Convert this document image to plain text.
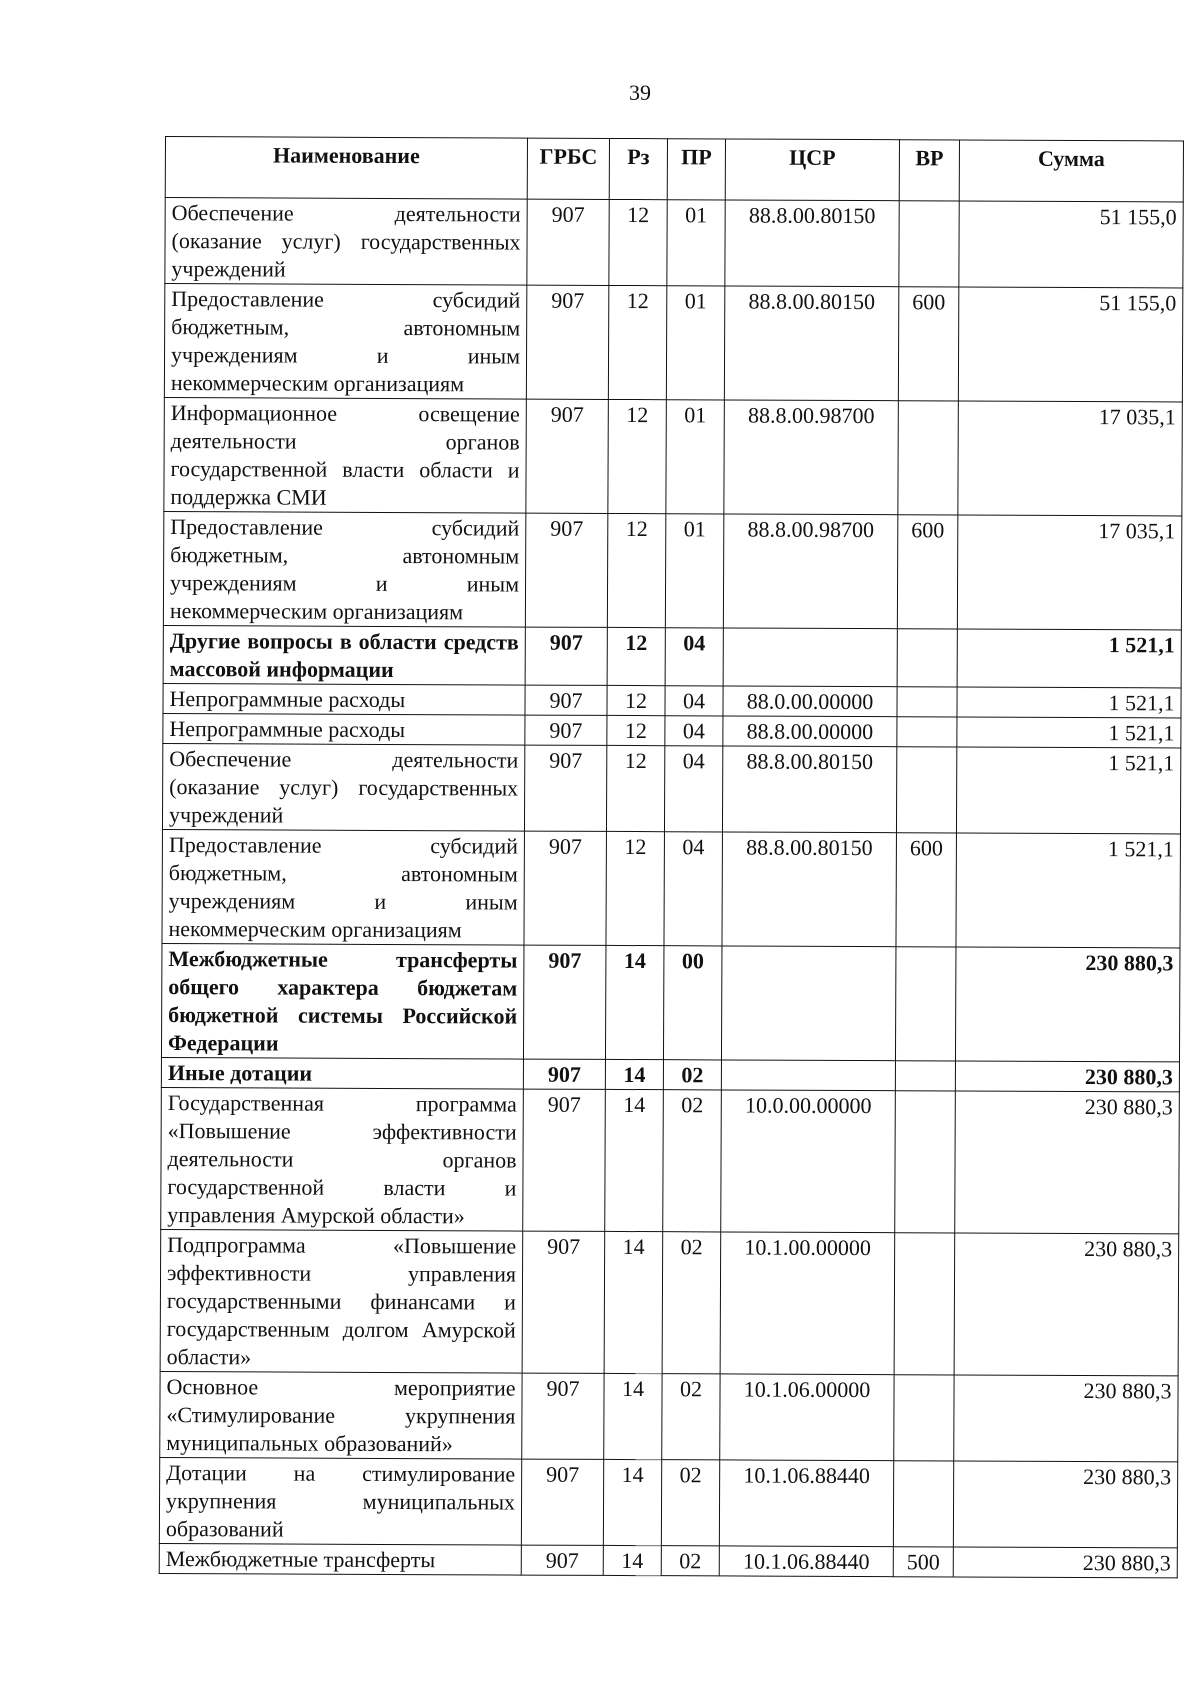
39
Наименование	ГРБС	Рз	ПР	ЦСР	ВР	Сумма
Обеспечение деятельности (оказание услуг) государственных учреждений	907	12	01	88.8.00.80150		51 155,0
Предоставление субсидий бюджетным, автономным учреждениям и иным некоммерческим организациям	907	12	01	88.8.00.80150	600	51 155,0
Информационное освещение деятельности органов государственной власти области и поддержка СМИ	907	12	01	88.8.00.98700		17 035,1
Предоставление субсидий бюджетным, автономным учреждениям и иным некоммерческим организациям	907	12	01	88.8.00.98700	600	17 035,1
Другие вопросы в области средств массовой информации	907	12	04			1 521,1
Непрограммные расходы	907	12	04	88.0.00.00000		1 521,1
Непрограммные расходы	907	12	04	88.8.00.00000		1 521,1
Обеспечение деятельности (оказание услуг) государственных учреждений	907	12	04	88.8.00.80150		1 521,1
Предоставление субсидий бюджетным, автономным учреждениям и иным некоммерческим организациям	907	12	04	88.8.00.80150	600	1 521,1
Межбюджетные трансферты общего характера бюджетам бюджетной системы Российской Федерации	907	14	00			230 880,3
Иные дотации	907	14	02			230 880,3
Государственная программа «Повышение эффективности деятельности органов государственной власти и управления Амурской области»	907	14	02	10.0.00.00000		230 880,3
Подпрограмма «Повышение эффективности управления государственными финансами и государственным долгом Амурской области»	907	14	02	10.1.00.00000		230 880,3
Основное мероприятие «Стимулирование укрупнения муниципальных образований»	907	14	02	10.1.06.00000		230 880,3
Дотации на стимулирование укрупнения муниципальных образований	907	14	02	10.1.06.88440		230 880,3
Межбюджетные трансферты	907	14	02	10.1.06.88440	500	230 880,3
